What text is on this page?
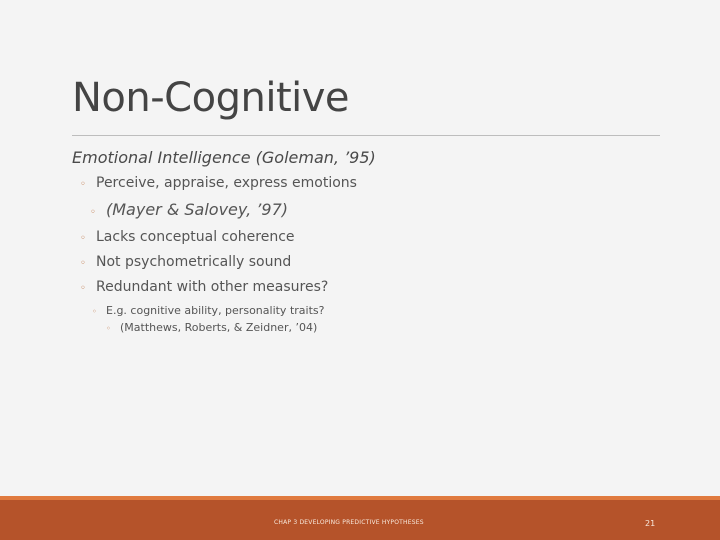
Non-Cognitive
Emotional Intelligence (Goleman, ’95)
◦ Perceive, appraise, express emotions
◦ (Mayer & Salovey, ’97)
◦ Lacks conceptual coherence
◦ Not psychometrically sound
◦ Redundant with other measures?
◦ E.g. cognitive ability, personality traits?
◦ (Matthews, Roberts, & Zeidner, ’04)
CHAP 3 DEVELOPING PREDICTIVE HYPOTHESES	21
